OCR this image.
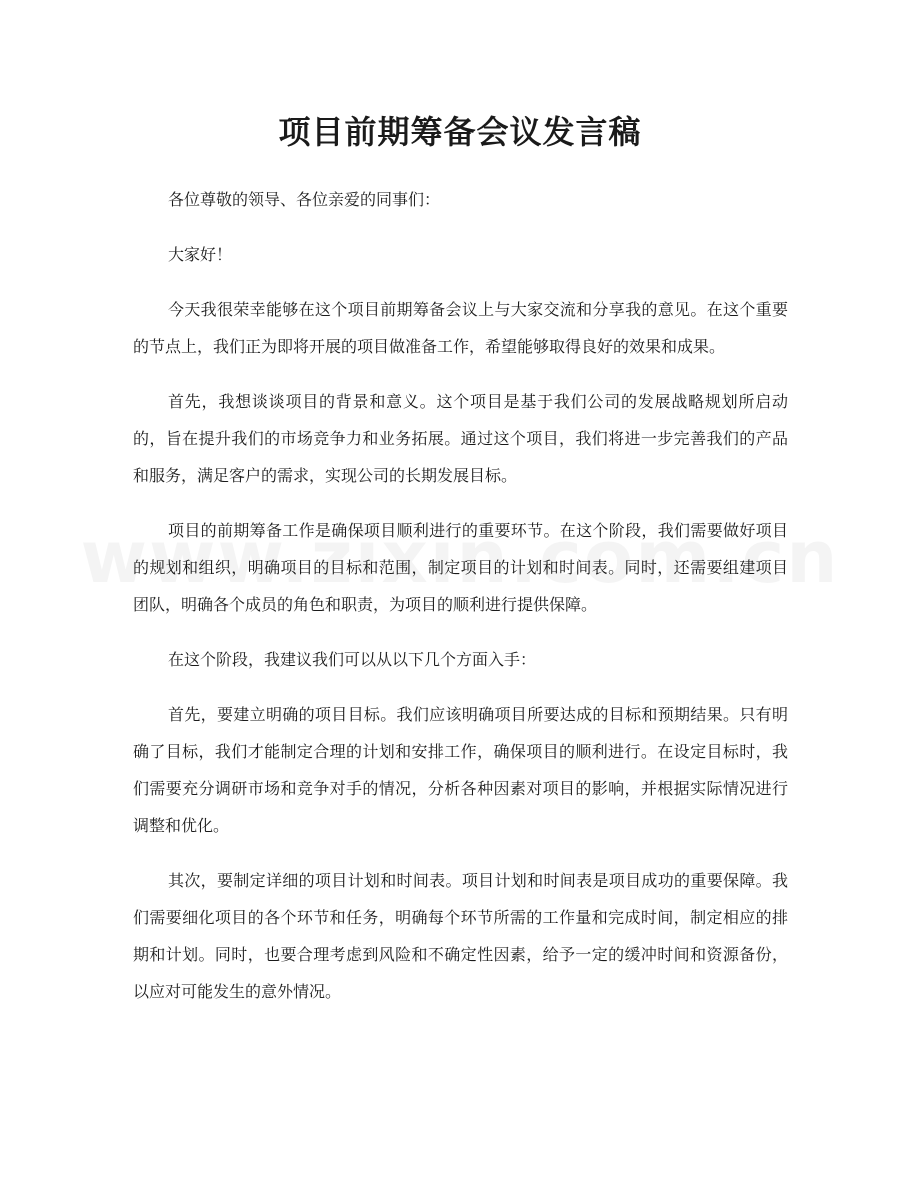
项目前期筹备会议发言稿

各位尊敬的领导、各位亲爱的同事们：

大家好！

今天我很荣幸能够在这个项目前期筹备会议上与大家交流和分享我的意见。在这个重要的节点上，我们正为即将开展的项目做准备工作，希望能够取得良好的效果和成果。

首先，我想谈谈项目的背景和意义。这个项目是基于我们公司的发展战略规划所启动的，旨在提升我们的市场竞争力和业务拓展。通过这个项目，我们将进一步完善我们的产品和服务，满足客户的需求，实现公司的长期发展目标。

项目的前期筹备工作是确保项目顺利进行的重要环节。在这个阶段，我们需要做好项目的规划和组织，明确项目的目标和范围，制定项目的计划和时间表。同时，还需要组建项目团队，明确各个成员的角色和职责，为项目的顺利进行提供保障。

在这个阶段，我建议我们可以从以下几个方面入手：

首先，要建立明确的项目目标。我们应该明确项目所要达成的目标和预期结果。只有明确了目标，我们才能制定合理的计划和安排工作，确保项目的顺利进行。在设定目标时，我们需要充分调研市场和竞争对手的情况，分析各种因素对项目的影响，并根据实际情况进行调整和优化。

其次，要制定详细的项目计划和时间表。项目计划和时间表是项目成功的重要保障。我们需要细化项目的各个环节和任务，明确每个环节所需的工作量和完成时间，制定相应的排期和计划。同时，也要合理考虑到风险和不确定性因素，给予一定的缓冲时间和资源备份，以应对可能发生的意外情况。
